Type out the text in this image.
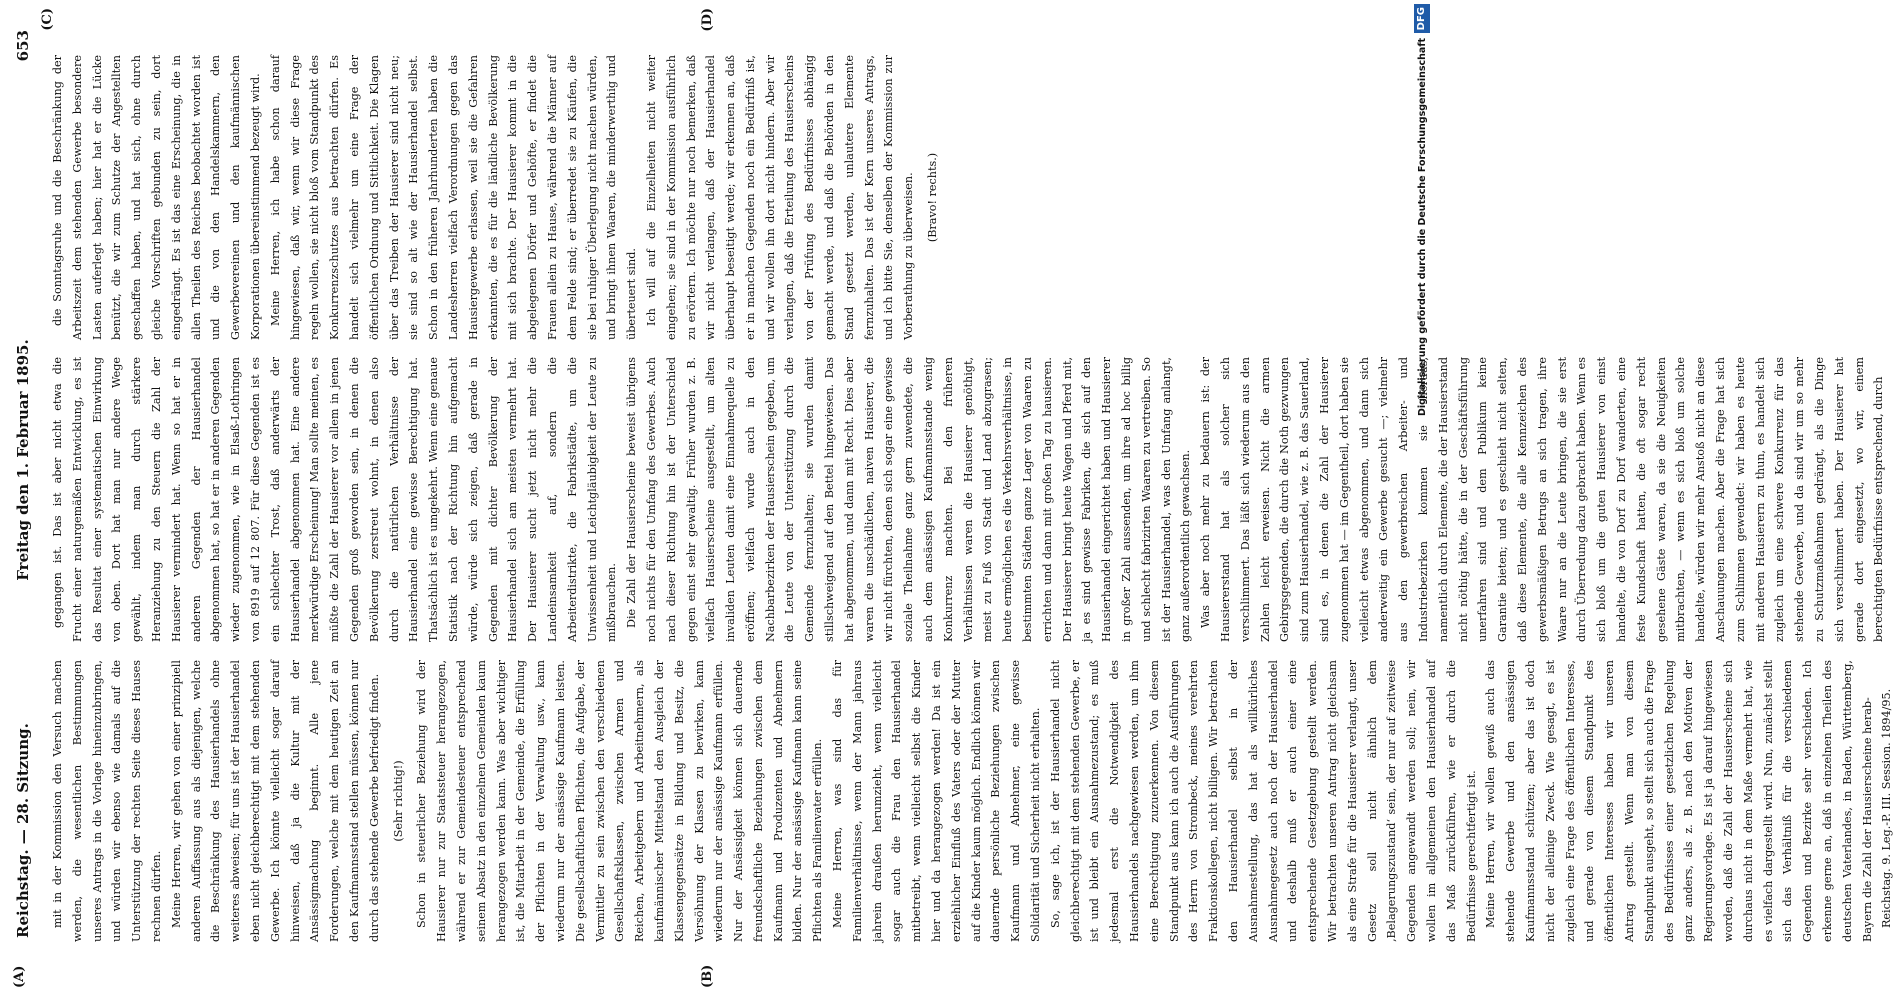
Reichstag. — 28. Sitzung.
Freitag den 1. Februar 1895.
653
(A)	(B)
(C)	(D)

mit in der Kommission den Versuch machen werden, die wesentlichen Bestimmungen unseres Antrags in die Vorlage hineinzubringen, und würden wir ebenso wie damals auf die Unterstützung der rechten Seite dieses Hauses rechnen dürfen. Meine Herren, wir gehen von einer prinzipiell anderen Auffassung aus als diejenigen, welche die Beschränkung des Hausierhandels ohne weiteres abweisen; für uns ist der Hausierhandel eben nicht gleichberechtigt mit dem stehenden Gewerbe. Ich könnte vielleicht sogar darauf hinweisen, daß ja die Kultur mit der Ansässigmachung beginnt. Alle jene Forderungen, welche mit dem heutigen Zeit an den Kaufmannsstand stellen müssen, können nur durch das stehende Gewerbe befriedigt finden. (Sehr richtig!) Schon in steuerlicher Beziehung wird der Hausierer nur zur Staatssteuer herangezogen, während er zur Gemeindesteuer entsprechend seinem Absatz in den einzelnen Gemeinden kaum herangezogen werden kann. Was aber wichtiger ist, die Mitarbeit in der Gemeinde, die Erfüllung der Pflichten in der Verwaltung usw., kann wiederum nur der ansässige Kaufmann leisten. Die gesellschaftlichen Pflichten, die Aufgabe, der Vermittler zu sein zwischen den verschiedenen Gesellschaftsklassen, zwischen Armen und Reichen, Arbeitgebern und Arbeitnehmern, als kaufmännischer Mittelstand den Ausgleich der Klassengegensätze in Bildung und Besitz, die Versöhnung der Klassen zu bewirken, kann wiederum nur der ansässige Kaufmann erfüllen. Nur der Ansässigkeit können sich dauernde freundschaftliche Beziehungen zwischen dem Kaufmann und Produzenten und Abnehmern bilden. Nur der ansässige Kaufmann kann seine Pflichten als Familienvater erfüllen. Meine Herren, was sind das für Familienverhältnisse, wenn der Mann jahraus jahrein draußen herumzieht, wenn vielleicht sogar auch die Frau den Hausierhandel mitbetreibt, wenn vielleicht selbst die Kinder hier und da herangezogen werden! Da ist ein erziehlicher Einfluß des Vaters oder der Mutter auf die Kinder kaum möglich. Endlich können wir dauernde persönliche Beziehungen zwischen Kaufmann und Abnehmer, eine gewisse Solidarität und Sicherheit nicht erhalten. So, sage ich, ist der Hausierhandel nicht gleichberechtigt mit dem stehenden Gewerbe, er ist und bleibt ein Ausnahmezustand; es muß jedesmal erst die Notwendigkeit des Hausierhandels nachgewiesen werden, um ihm eine Berechtigung zuzuerkennen. Von diesem Standpunkt aus kann ich auch die Ausführungen des Herrn von Strombeck, meines verehrten Fraktionskollegen, nicht billigen. Wir betrachten den Hausierhandel selbst in der Ausnahmestellung, das hat als willkürliches Ausnahmegesetz auch noch der Hausierhandel und deshalb muß er auch einer eine entsprechende Gesetzgebung gestellt werden. Wir betrachten unseren Antrag nicht gleichsam als eine Strafe für die Hausierer verlangt, unser Gesetz soll nicht ähnlich dem ‚Belagerungszustand‘ sein, der nur auf zeitweise Gegenden angewandt werden soll; nein, wir wollen im allgemeinen den Hausierhandel auf das Maß zurückführen, wie er durch die Bedürfnisse gerechtfertigt ist. Meine Herren, wir wollen gewiß auch das stehende Gewerbe und den ansässigen Kaufmannsstand schützen; aber das ist doch nicht der alleinige Zweck. Wie gesagt, es ist zugleich eine Frage des öffentlichen Interesses, und gerade von diesem Standpunkt des öffentlichen Interesses haben wir unseren Antrag gestellt. Wenn man von diesem Standpunkt ausgeht, so stellt sich auch die Frage des Bedürfnisses einer gesetzlichen Regelung ganz anders, als z. B. nach den Motiven der Regierungsvorlage. Es ist ja darauf hingewiesen worden, daß die Zahl der Hausierscheine sich durchaus nicht in dem Maße vermehrt hat, wie es vielfach dargestellt wird. Nun, zunächst stellt sich das Verhältniß für die verschiedenen Gegenden und Bezirke sehr verschieden. Ich erkenne gerne an, daß in einzelnen Theilen des deutschen Vaterlandes, in Baden, Württemberg, Bayern die Zahl der Hausierscheine herab- Reichstag. 9. Leg.-P. III. Session. 1894/95.

gegangen ist. Das ist aber nicht etwa die Frucht einer naturgemäßen Entwicklung, es ist das Resultat einer systematischen Einwirkung von oben. Dort hat man nur andere Wege gewählt, indem man durch stärkere Heranziehung zu den Steuern die Zahl der Hausierer vermindert hat. Wenn so hat er in anderen Gegenden der Hausierhandel abgenommen hat, so hat er in anderen Gegenden wieder zugenommen, wie in Elsaß-Lothringen von 8919 auf 12 807. Für diese Gegenden ist es ein schlechter Trost, daß anderwärts der Hausierhandel abgenommen hat. Eine andere merkwürdige Erscheinung! Man sollte meinen, es müßte die Zahl der Hausierer vor allem in jenen Gegenden groß geworden sein, in denen die Bevölkerung zerstreut wohnt, in denen also durch die natürlichen Verhältnisse der Hausierhandel eine gewisse Berechtigung hat. Thatsächlich ist es umgekehrt. Wenn eine genaue Statistik nach der Richtung hin aufgemacht würde, würde sich zeigen, daß gerade in Gegenden mit dichter Bevölkerung der Hausierhandel sich am meisten vermehrt hat. Der Hausierer sucht jetzt nicht mehr die Landeinsamkeit auf, sondern die Arbeiterdistrikte, die Fabrikstädte, um die Unwissenheit und Leichtgläubigkeit der Leute zu mißbrauchen. Die Zahl der Hausierscheine beweist übrigens noch nichts für den Umfang des Gewerbes. Auch nach dieser Richtung hin ist der Unterschied gegen einst sehr gewaltig. Früher wurden z. B. vielfach Hausierscheine ausgestellt, um alten invaliden Leuten damit eine Einnahmequelle zu eröffnen; vielfach wurde auch in den Nachbarbezirken der Hausierschein gegeben, um die Leute von der Unterstützung durch die Gemeinde fernzuhalten; sie wurden damit stillschweigend auf den Bettel hingewiesen. Das hat abgenommen, und dann mit Recht. Dies aber waren die unschädlichen, naiven Hausierer, die wir nicht fürchten, denen sich sogar eine gewisse soziale Theilnahme ganz gern zuwendete, die auch dem ansässigen Kaufmannsstande wenig Konkurrenz machten. Bei den früheren Verhältnissen waren die Hausierer genöthigt, meist zu Fuß von Stadt und Land abzugrasen; heute ermöglichen es die Verkehrsverhältnisse, in bestimmten Städten ganze Lager von Waaren zu errichten und dann mit großen Tag zu hausieren. Der Hausierer bringt heute Wagen und Pferd mit, ja es sind gewisse Fabriken, die sich auf den Hausierhandel eingerichtet haben und Hausierer in großer Zahl aussenden, um ihre ad hoc billig und schlecht fabrizirten Waaren zu vertreiben. So ist der Hausierhandel, was den Umfang anlangt, ganz außerordentlich gewachsen. Was aber noch mehr zu bedauern ist: der Hausiererstand hat als solcher sich verschlimmert. Das läßt sich wiederum aus den Zahlen leicht erweisen. Nicht die armen Gebirgsgegenden, die durch die Noth gezwungen sind zum Hausierhandel, wie z. B. das Sauerland, sind es, in denen die Zahl der Hausierer zugenommen hat — im Gegentheil, dort haben sie vielleicht etwas abgenommen, und dann sich anderweitig ein Gewerbe gesucht —; vielmehr aus den gewerbreichen Arbeiter- und Industriebezirken kommen sie heraus, namentlich durch Elemente, die der Hausierstand nicht nöthig hätte, die in der Geschäftsführung unerfahren sind und dem Publikum keine Garantie bieten; und es geschieht nicht selten, daß diese Elemente, die alle Kennzeichen des gewerbsmäßigen Betrugs an sich tragen, ihre Waare nur an die Leute bringen, die sie erst durch Überredung dazu gebracht haben. Wenn es sich bloß um die guten Hausierer von einst handelte, die von Dorf zu Dorf wanderten, eine feste Kundschaft hatten, die oft sogar recht gesehene Gäste waren, da sie die Neuigkeiten mitbrachten, — wenn es sich bloß um solche handelte, würden wir mehr Anstoß nicht an diese Anschauungen machen. Aber die Frage hat sich zum Schlimmen gewendet: wir haben es heute mit anderen Hausierern zu thun, es handelt sich zugleich um eine schwere Konkurrenz für das stehende Gewerbe, und da sind wir um so mehr zu Schutzmaßnahmen gedrängt, als die Dinge sich verschlimmert haben. Der Hausierer hat gerade dort eingesetzt, wo wir, einem berechtigten Bedürfnisse entsprechend, durch

die Sonntagsruhe und die Beschränkung der Arbeitszeit dem stehenden Gewerbe besondere Lasten auferlegt haben; hier hat er die Lücke benützt, die wir zum Schutze der Angestellten geschaffen haben, und hat sich, ohne durch gleiche Vorschriften gebunden zu sein, dort eingedrängt. Es ist das eine Erscheinung, die in allen Theilen des Reiches beobachtet worden ist und die von den Handelskammern, den Gewerbevereinen und den kaufmännischen Korporationen übereinstimmend bezeugt wird. Meine Herren, ich habe schon darauf hingewiesen, daß wir, wenn wir diese Frage regeln wollen, sie nicht bloß vom Standpunkt des Konkurrenzschutzes aus betrachten dürfen. Es handelt sich vielmehr um eine Frage der öffentlichen Ordnung und Sittlichkeit. Die Klagen über das Treiben der Hausierer sind nicht neu; sie sind so alt wie der Hausierhandel selbst. Schon in den früheren Jahrhunderten haben die Landesherren vielfach Verordnungen gegen das Hausiergewerbe erlassen, weil sie die Gefahren erkannten, die es für die ländliche Bevölkerung mit sich brachte. Der Hausierer kommt in die abgelegenen Dörfer und Gehöfte, er findet die Frauen allein zu Hause, während die Männer auf dem Felde sind; er überredet sie zu Käufen, die sie bei ruhiger Überlegung nicht machen würden, und bringt ihnen Waaren, die minderwerthig und überteuert sind. Ich will auf die Einzelheiten nicht weiter eingehen; sie sind in der Kommission ausführlich zu erörtern. Ich möchte nur noch bemerken, daß wir nicht verlangen, daß der Hausierhandel überhaupt beseitigt werde; wir erkennen an, daß er in manchen Gegenden noch ein Bedürfniß ist, und wir wollen ihn dort nicht hindern. Aber wir verlangen, daß die Erteilung des Hausierscheins von der Prüfung des Bedürfnisses abhängig gemacht werde, und daß die Behörden in den Stand gesetzt werden, unlautere Elemente fernzuhalten. Das ist der Kern unseres Antrags, und ich bitte Sie, denselben der Kommission zur Vorberathung zu überweisen. (Bravo! rechts.)	Digitalisierung gefördert durch die Deutsche Forschungsgemeinschaft
DFG
